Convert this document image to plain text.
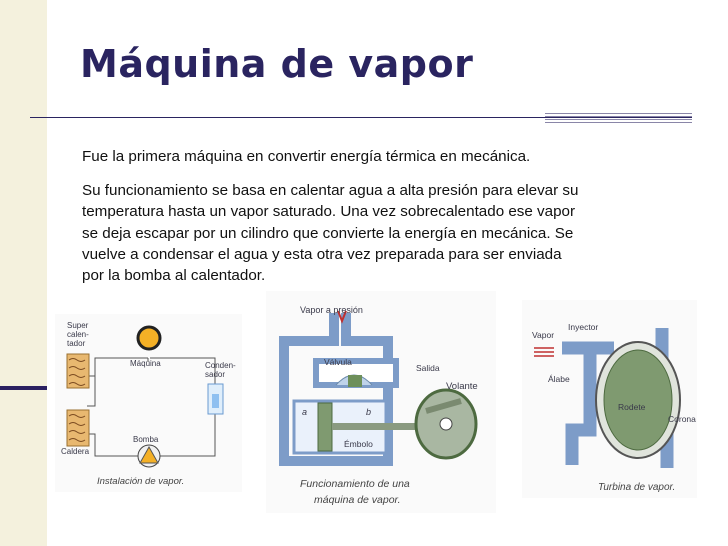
Máquina de vapor

Fue la primera máquina en convertir energía térmica en mecánica.

Su funcionamiento se basa en calentar agua a alta presión para elevar su
temperatura hasta un vapor saturado. Una vez sobrecalentado ese vapor
se deja escapar por un cilindro que convierte la energía en mecánica. Se
vuelve a condensar el agua y esta otra vez preparada para ser enviada
por la bomba al calentador.
Super
calen-
tador
Máquina	Conden-
sador
Bomba
Caldera
Instalación de vapor.
Vapor a presión
Válvula
Salida
Volante
a	b
Émbolo
Funcionamiento de una
máquina de vapor.
Inyector
Vapor
Álabe
Rodete
Corona
Turbina de vapor.
